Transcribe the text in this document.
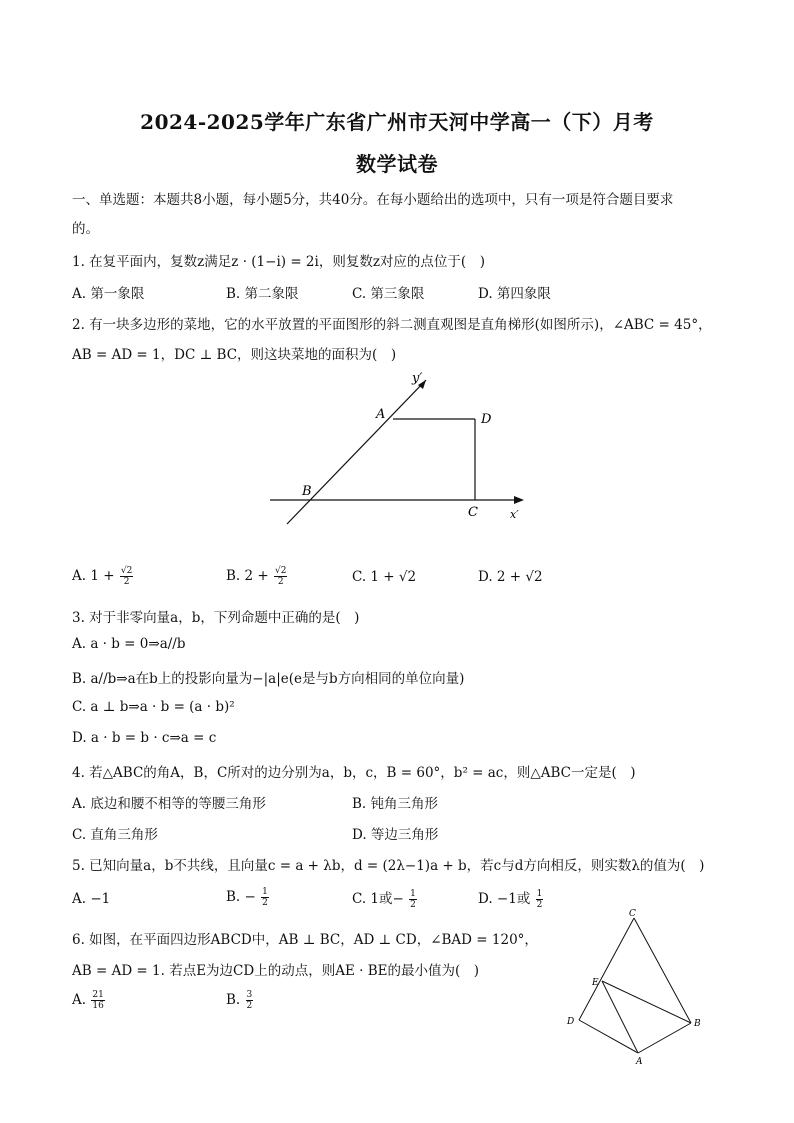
2024-2025学年广东省广州市天河中学高一（下）月考
数学试卷
一、单选题：本题共8小题，每小题5分，共40分。在每小题给出的选项中，只有一项是符合题目要求
的。
1. 在复平面内，复数z满足z · (1−i) = 2i，则复数z对应的点位于(　)
A. 第一象限	B. 第二象限	C. 第三象限	D. 第四象限
2. 有一块多边形的菜地，它的水平放置的平面图形的斜二测直观图是直角梯形(如图所示)，∠ABC = 45°，
AB = AD = 1，DC ⊥ BC，则这块菜地的面积为(　)
y′
A	D
B
C	x′
A. $1 + \frac{√2}{2}$	B. $2 + \frac{√2}{2}$	C. 1 + √2	D. 2 + √2
3. 对于非零向量a，b，下列命题中正确的是(　)
A. a · b = 0⇒a//b
B. a//b⇒a在b上的投影向量为−|a|e(e是与b方向相同的单位向量)
C. a ⊥ b⇒a · b = (a · b)²
D. a · b = b · c⇒a = c
4. 若△ABC的角A，B，C所对的边分别为a，b，c，B = 60°，b² = ac，则△ABC一定是(　)
A. 底边和腰不相等的等腰三角形	B. 钝角三角形
C. 直角三角形	D. 等边三角形
5. 已知向量a，b不共线，且向量c = a + λb，d = (2λ−1)a + b，若c与d方向相反，则实数λ的值为(　)
A. −1	B. − $\frac{1}{2}$	C. 1或− $\frac{1}{2}$	D. −1或 $\frac{1}{2}$
6. 如图，在平面四边形ABCD中，AB ⊥ BC，AD ⊥ CD，∠BAD = 120°，
AB = AD = 1. 若点E为边CD上的动点，则AE · BE的最小值为(　)
A. $\frac{21}{16}$	B. $\frac{3}{2}$
C
E
D	B
A
